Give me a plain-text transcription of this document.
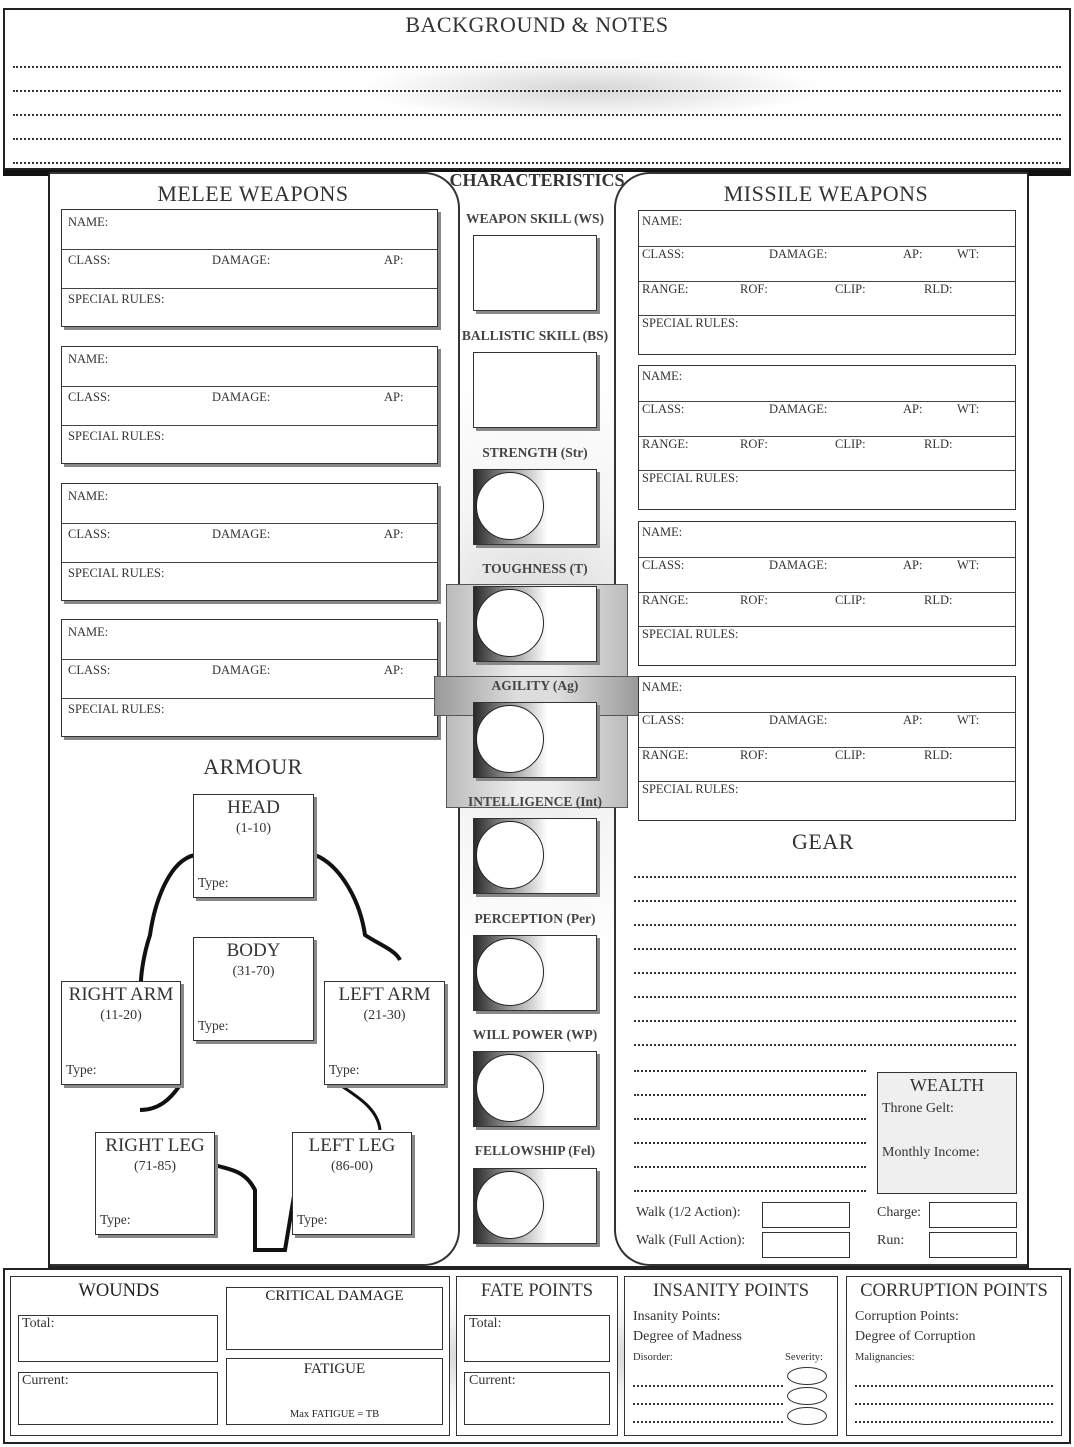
BACKGROUND & NOTES
MELEE WEAPONS
NAME:
CLASS:	DAMAGE:	AP:
SPECIAL RULES:
NAME:
CLASS:	DAMAGE:	AP:
SPECIAL RULES:
NAME:
CLASS:	DAMAGE:	AP:
SPECIAL RULES:
NAME:
CLASS:	DAMAGE:	AP:
SPECIAL RULES:
CHARACTERISTICS
WEAPON SKILL (WS)
BALLISTIC SKILL (BS)
STRENGTH (Str)
TOUGHNESS (T)
AGILITY (Ag)
INTELLIGENCE (Int)
PERCEPTION (Per)
WILL POWER (WP)
FELLOWSHIP (Fel)
MISSILE WEAPONS
NAME:
CLASS:	DAMAGE:	AP:	WT:
RANGE:	ROF:	CLIP:	RLD:
SPECIAL RULES:
NAME:
CLASS:	DAMAGE:	AP:	WT:
RANGE:	ROF:	CLIP:	RLD:
SPECIAL RULES:
NAME:
CLASS:	DAMAGE:	AP:	WT:
RANGE:	ROF:	CLIP:	RLD:
SPECIAL RULES:
NAME:
CLASS:	DAMAGE:	AP:	WT:
RANGE:	ROF:	CLIP:	RLD:
SPECIAL RULES:
ARMOUR
HEAD
(1-10)
Type:
BODY
(31-70)
Type:
RIGHT ARM
(11-20)
Type:
LEFT ARM
(21-30)
Type:
RIGHT LEG
(71-85)
Type:
LEFT LEG
(86-00)
Type:
GEAR
WEALTH
Throne Gelt:
Monthly Income:
Walk (1/2 Action):
Walk (Full Action):
Charge:
Run:
WOUNDS
Total:
Current:
CRITICAL DAMAGE
FATIGUE
Max FATIGUE = TB
FATE POINTS
Total:
Current:
INSANITY POINTS
Insanity Points:
Degree of Madness
Disorder:	Severity:
CORRUPTION POINTS
Corruption Points:
Degree of Corruption
Malignancies:
